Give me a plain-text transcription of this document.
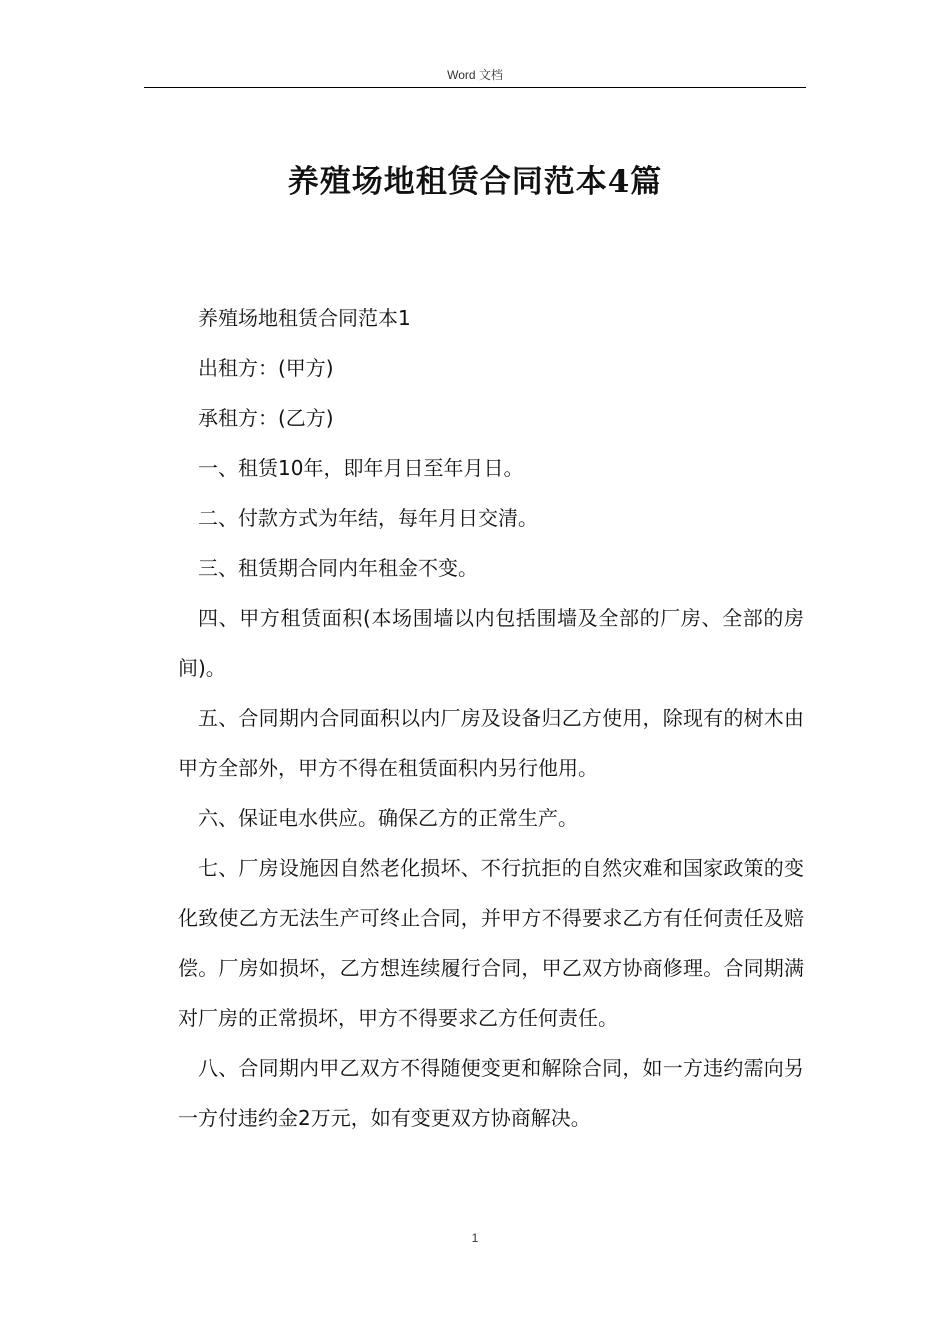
Word 文档
养殖场地租赁合同范本4篇

养殖场地租赁合同范本1

出租方：(甲方)

承租方：(乙方)

一、租赁10年，即年月日至年月日。

二、付款方式为年结，每年月日交清。

三、租赁期合同内年租金不变。

四、甲方租赁面积(本场围墙以内包括围墙及全部的厂房、全部的房间)。

五、合同期内合同面积以内厂房及设备归乙方使用，除现有的树木由甲方全部外，甲方不得在租赁面积内另行他用。

六、保证电水供应。确保乙方的正常生产。

七、厂房设施因自然老化损坏、不行抗拒的自然灾难和国家政策的变化致使乙方无法生产可终止合同，并甲方不得要求乙方有任何责任及赔偿。厂房如损坏，乙方想连续履行合同，甲乙双方协商修理。合同期满对厂房的正常损坏，甲方不得要求乙方任何责任。

八、合同期内甲乙双方不得随便变更和解除合同，如一方违约需向另一方付违约金2万元，如有变更双方协商解决。

1
